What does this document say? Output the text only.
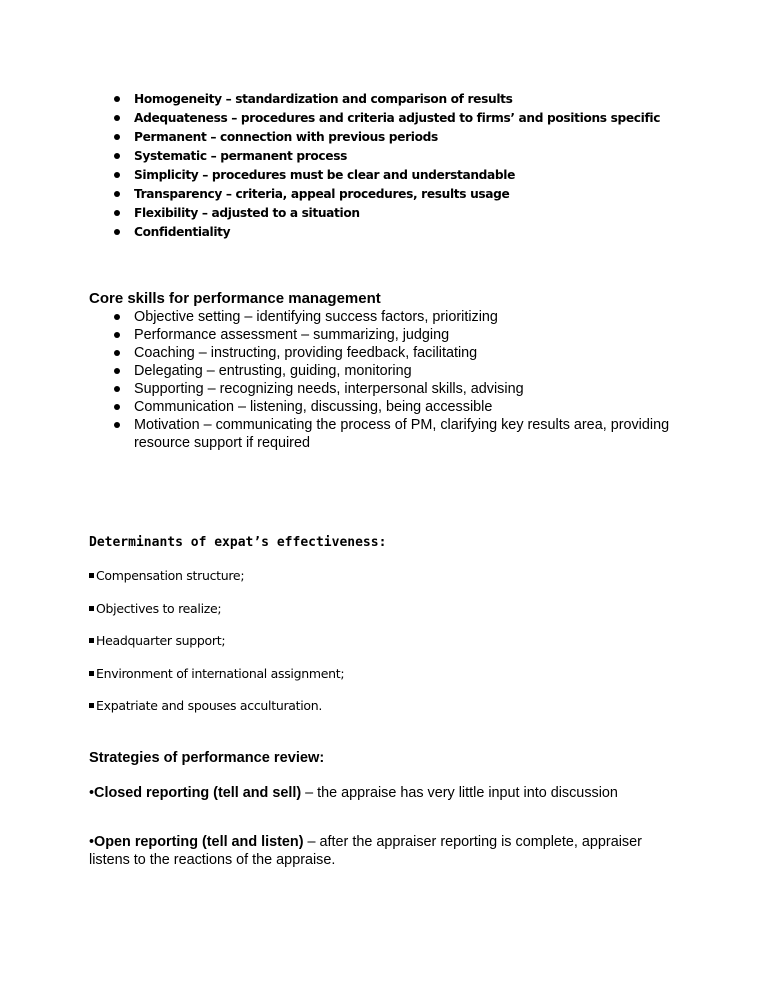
Homogeneity – standardization and comparison of results
Adequateness – procedures and criteria adjusted to firms’ and positions specific
Permanent – connection with previous periods
Systematic – permanent process
Simplicity – procedures must be clear and understandable
Transparency – criteria, appeal procedures, results usage
Flexibility – adjusted to a situation
Confidentiality
Core skills for performance management
Objective setting – identifying success factors, prioritizing
Performance assessment – summarizing, judging
Coaching – instructing, providing feedback, facilitating
Delegating – entrusting, guiding, monitoring
Supporting – recognizing needs, interpersonal skills, advising
Communication – listening, discussing, being accessible
Motivation – communicating the process of PM, clarifying key results area, providing resource support if required
Determinants of expat’s effectiveness:
Compensation structure;
Objectives to realize;
Headquarter support;
Environment of international assignment;
Expatriate and spouses acculturation.
Strategies of performance review:

•Closed reporting (tell and sell) – the appraise has very little input into discussion

•Open reporting (tell and listen) – after the appraiser reporting is complete, appraiser listens to the reactions of the appraise.
